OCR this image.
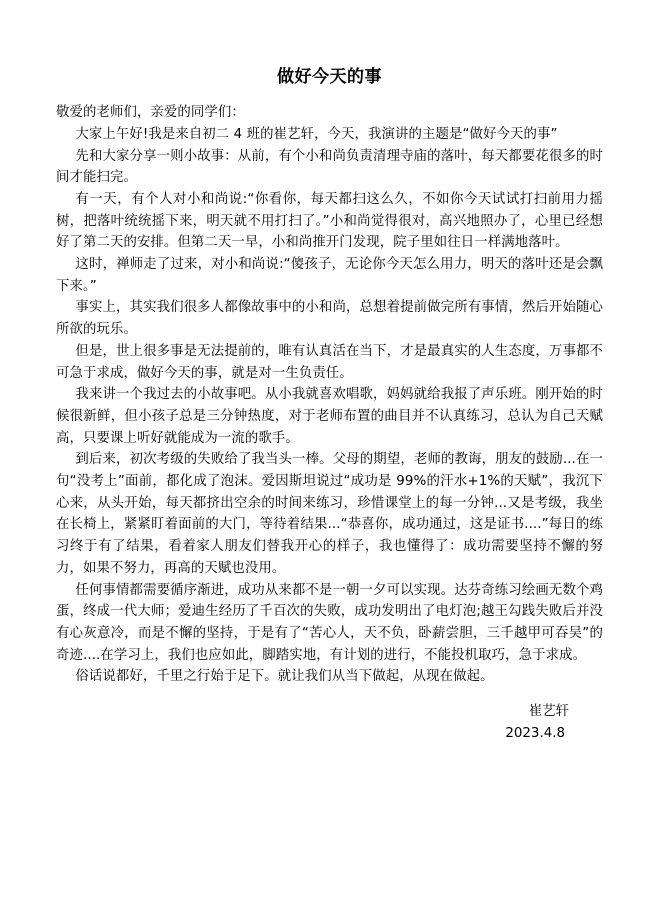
做好今天的事

敬爱的老师们，亲爱的同学们：

大家上午好!我是来自初二 4 班的崔艺轩，今天，我演讲的主题是“做好今天的事”

先和大家分享一则小故事：从前，有个小和尚负责清理寺庙的落叶，每天都要花很多的时间才能扫完。

有一天，有个人对小和尚说:“你看你，每天都扫这么久，不如你今天试试打扫前用力摇树，把落叶统统摇下来，明天就不用打扫了。”小和尚觉得很对，高兴地照办了，心里已经想好了第二天的安排。但第二天一早，小和尚推开门发现，院子里如往日一样满地落叶。

这时，禅师走了过来，对小和尚说:“傻孩子，无论你今天怎么用力，明天的落叶还是会飘下来。”

事实上，其实我们很多人都像故事中的小和尚，总想着提前做完所有事情，然后开始随心所欲的玩乐。

但是，世上很多事是无法提前的，唯有认真活在当下，才是最真实的人生态度，万事都不可急于求成，做好今天的事，就是对一生负责任。

我来讲一个我过去的小故事吧。从小我就喜欢唱歌，妈妈就给我报了声乐班。刚开始的时候很新鲜，但小孩子总是三分钟热度，对于老师布置的曲目并不认真练习，总认为自己天赋高，只要课上听好就能成为一流的歌手。

到后来，初次考级的失败给了我当头一棒。父母的期望，老师的教诲，朋友的鼓励...在一句“没考上”面前，都化成了泡沫。爱因斯坦说过“成功是 99%的汗水+1%的天赋”，我沉下心来，从头开始，每天都挤出空余的时间来练习，珍惜课堂上的每一分钟...又是考级，我坐在长椅上，紧紧盯着面前的大门，等待着结果...“恭喜你，成功通过，这是证书....”每日的练习终于有了结果，看着家人朋友们替我开心的样子，我也懂得了：成功需要坚持不懈的努力，如果不努力，再高的天赋也没用。

任何事情都需要循序渐进，成功从来都不是一朝一夕可以实现。达芬奇练习绘画无数个鸡蛋，终成一代大师；爱迪生经历了千百次的失败，成功发明出了电灯泡;越王勾践失败后并没有心灰意冷，而是不懈的坚持，于是有了“苦心人，天不负，卧薪尝胆，三千越甲可吞吴”的奇迹....在学习上，我们也应如此，脚踏实地，有计划的进行，不能投机取巧，急于求成。

俗话说都好，千里之行始于足下。就让我们从当下做起，从现在做起。

崔艺轩

2023.4.8
